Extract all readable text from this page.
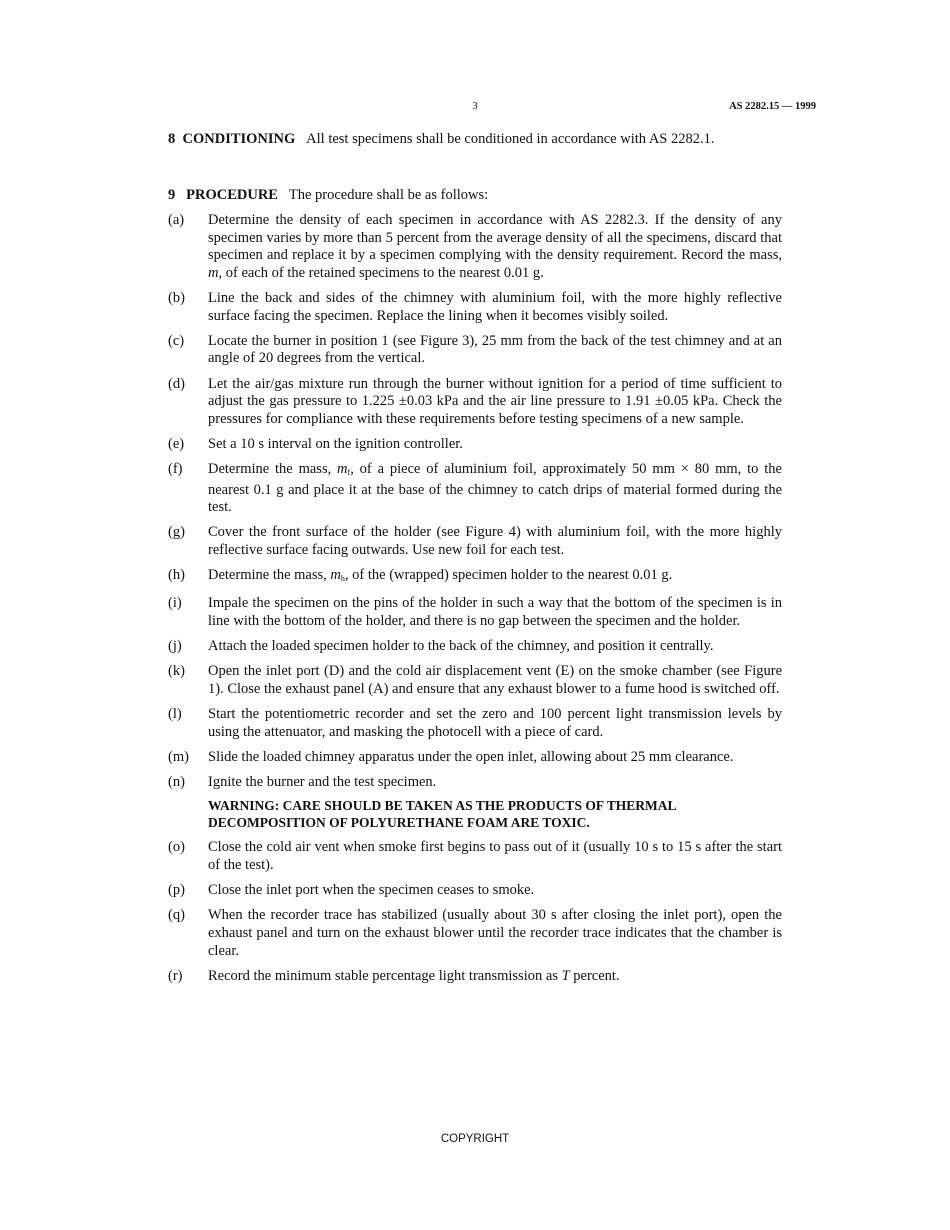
3	AS 2282.15 — 1999
8 CONDITIONING All test specimens shall be conditioned in accordance with AS 2282.1.
9 PROCEDURE The procedure shall be as follows:
(a)	Determine the density of each specimen in accordance with AS 2282.3. If the density of any specimen varies by more than 5 percent from the average density of all the specimens, discard that specimen and replace it by a specimen complying with the density requirement. Record the mass, m, of each of the retained specimens to the nearest 0.01 g.
(b)	Line the back and sides of the chimney with aluminium foil, with the more highly reflective surface facing the specimen. Replace the lining when it becomes visibly soiled.
(c)	Locate the burner in position 1 (see Figure 3), 25 mm from the back of the test chimney and at an angle of 20 degrees from the vertical.
(d)	Let the air/gas mixture run through the burner without ignition for a period of time sufficient to adjust the gas pressure to 1.225 ±0.03 kPa and the air line pressure to 1.91 ±0.05 kPa. Check the pressures for compliance with these requirements before testing specimens of a new sample.
(e)	Set a 10 s interval on the ignition controller.
(f)	Determine the mass, $m_f$, of a piece of aluminium foil, approximately 50 mm × 80 mm, to the nearest 0.1 g and place it at the base of the chimney to catch drips of material formed during the test.
(g)	Cover the front surface of the holder (see Figure 4) with aluminium foil, with the more highly reflective surface facing outwards. Use new foil for each test.
(h)	Determine the mass, $m_h$, of the (wrapped) specimen holder to the nearest 0.01 g.
(i)	Impale the specimen on the pins of the holder in such a way that the bottom of the specimen is in line with the bottom of the holder, and there is no gap between the specimen and the holder.
(j)	Attach the loaded specimen holder to the back of the chimney, and position it centrally.
(k)	Open the inlet port (D) and the cold air displacement vent (E) on the smoke chamber (see Figure 1). Close the exhaust panel (A) and ensure that any exhaust blower to a fume hood is switched off.
(l)	Start the potentiometric recorder and set the zero and 100 percent light transmission levels by using the attenuator, and masking the photocell with a piece of card.
(m)	Slide the loaded chimney apparatus under the open inlet, allowing about 25 mm clearance.
(n)	Ignite the burner and the test specimen.
WARNING: CARE SHOULD BE TAKEN AS THE PRODUCTS OF THERMAL DECOMPOSITION OF POLYURETHANE FOAM ARE TOXIC.
(o)	Close the cold air vent when smoke first begins to pass out of it (usually 10 s to 15 s after the start of the test).
(p)	Close the inlet port when the specimen ceases to smoke.
(q)	When the recorder trace has stabilized (usually about 30 s after closing the inlet port), open the exhaust panel and turn on the exhaust blower until the recorder trace indicates that the chamber is clear.
(r)	Record the minimum stable percentage light transmission as T percent.
COPYRIGHT
